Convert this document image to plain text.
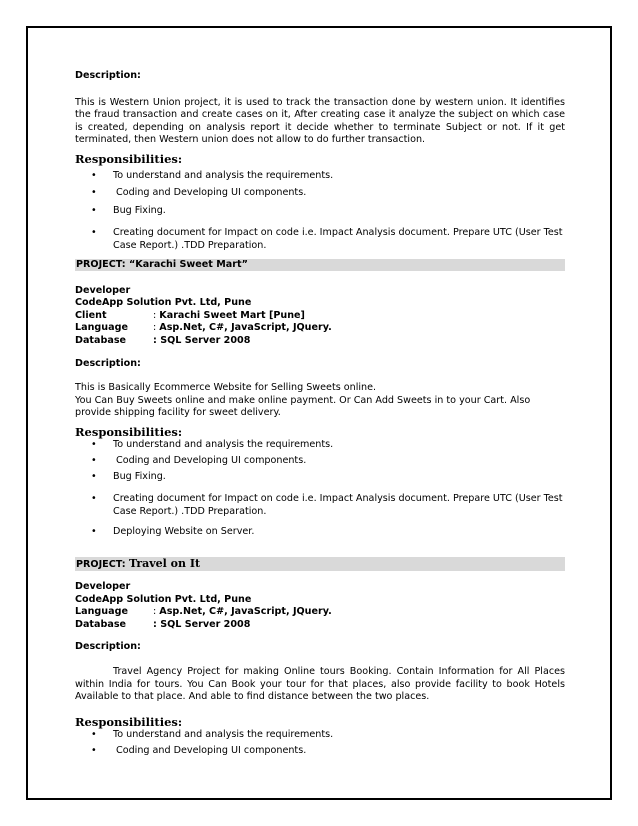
Description:

This is Western Union project, it is used to track the transaction done by western union. It identifies the fraud transaction and create cases on it, After creating case it analyze the subject on which case is created, depending on analysis report it decide whether to terminate Subject or not. If it get terminated, then Western union does not allow to do further transaction.

Responsibilities:

• To understand and analysis the requirements.
• Coding and Developing UI components.
• Bug Fixing.
• Creating document for Impact on code i.e. Impact Analysis document. Prepare UTC (User Test Case Report.) .TDD Preparation.
PROJECT: “Karachi Sweet Mart”

Developer

CodeApp Solution Pvt. Ltd, Pune

Client	: Karachi Sweet Mart [Pune]
Language	: Asp.Net, C#, JavaScript, JQuery.
Database	: SQL Server 2008

Description:

This is Basically Ecommerce Website for Selling Sweets online.

You Can Buy Sweets online and make online payment. Or Can Add Sweets in to your Cart. Also provide shipping facility for sweet delivery.

Responsibilities:

• To understand and analysis the requirements.
• Coding and Developing UI components.
• Bug Fixing.
• Creating document for Impact on code i.e. Impact Analysis document. Prepare UTC (User Test Case Report.) .TDD Preparation.
• Deploying Website on Server.
PROJECT: Travel on It

Developer

CodeApp Solution Pvt. Ltd, Pune

Language	: Asp.Net, C#, JavaScript, JQuery.
Database	: SQL Server 2008

Description:

Travel Agency Project for making Online tours Booking. Contain Information for All Places within India for tours. You Can Book your tour for that places, also provide facility to book Hotels Available to that place. And able to find distance between the two places.

Responsibilities:

• To understand and analysis the requirements.
• Coding and Developing UI components.
